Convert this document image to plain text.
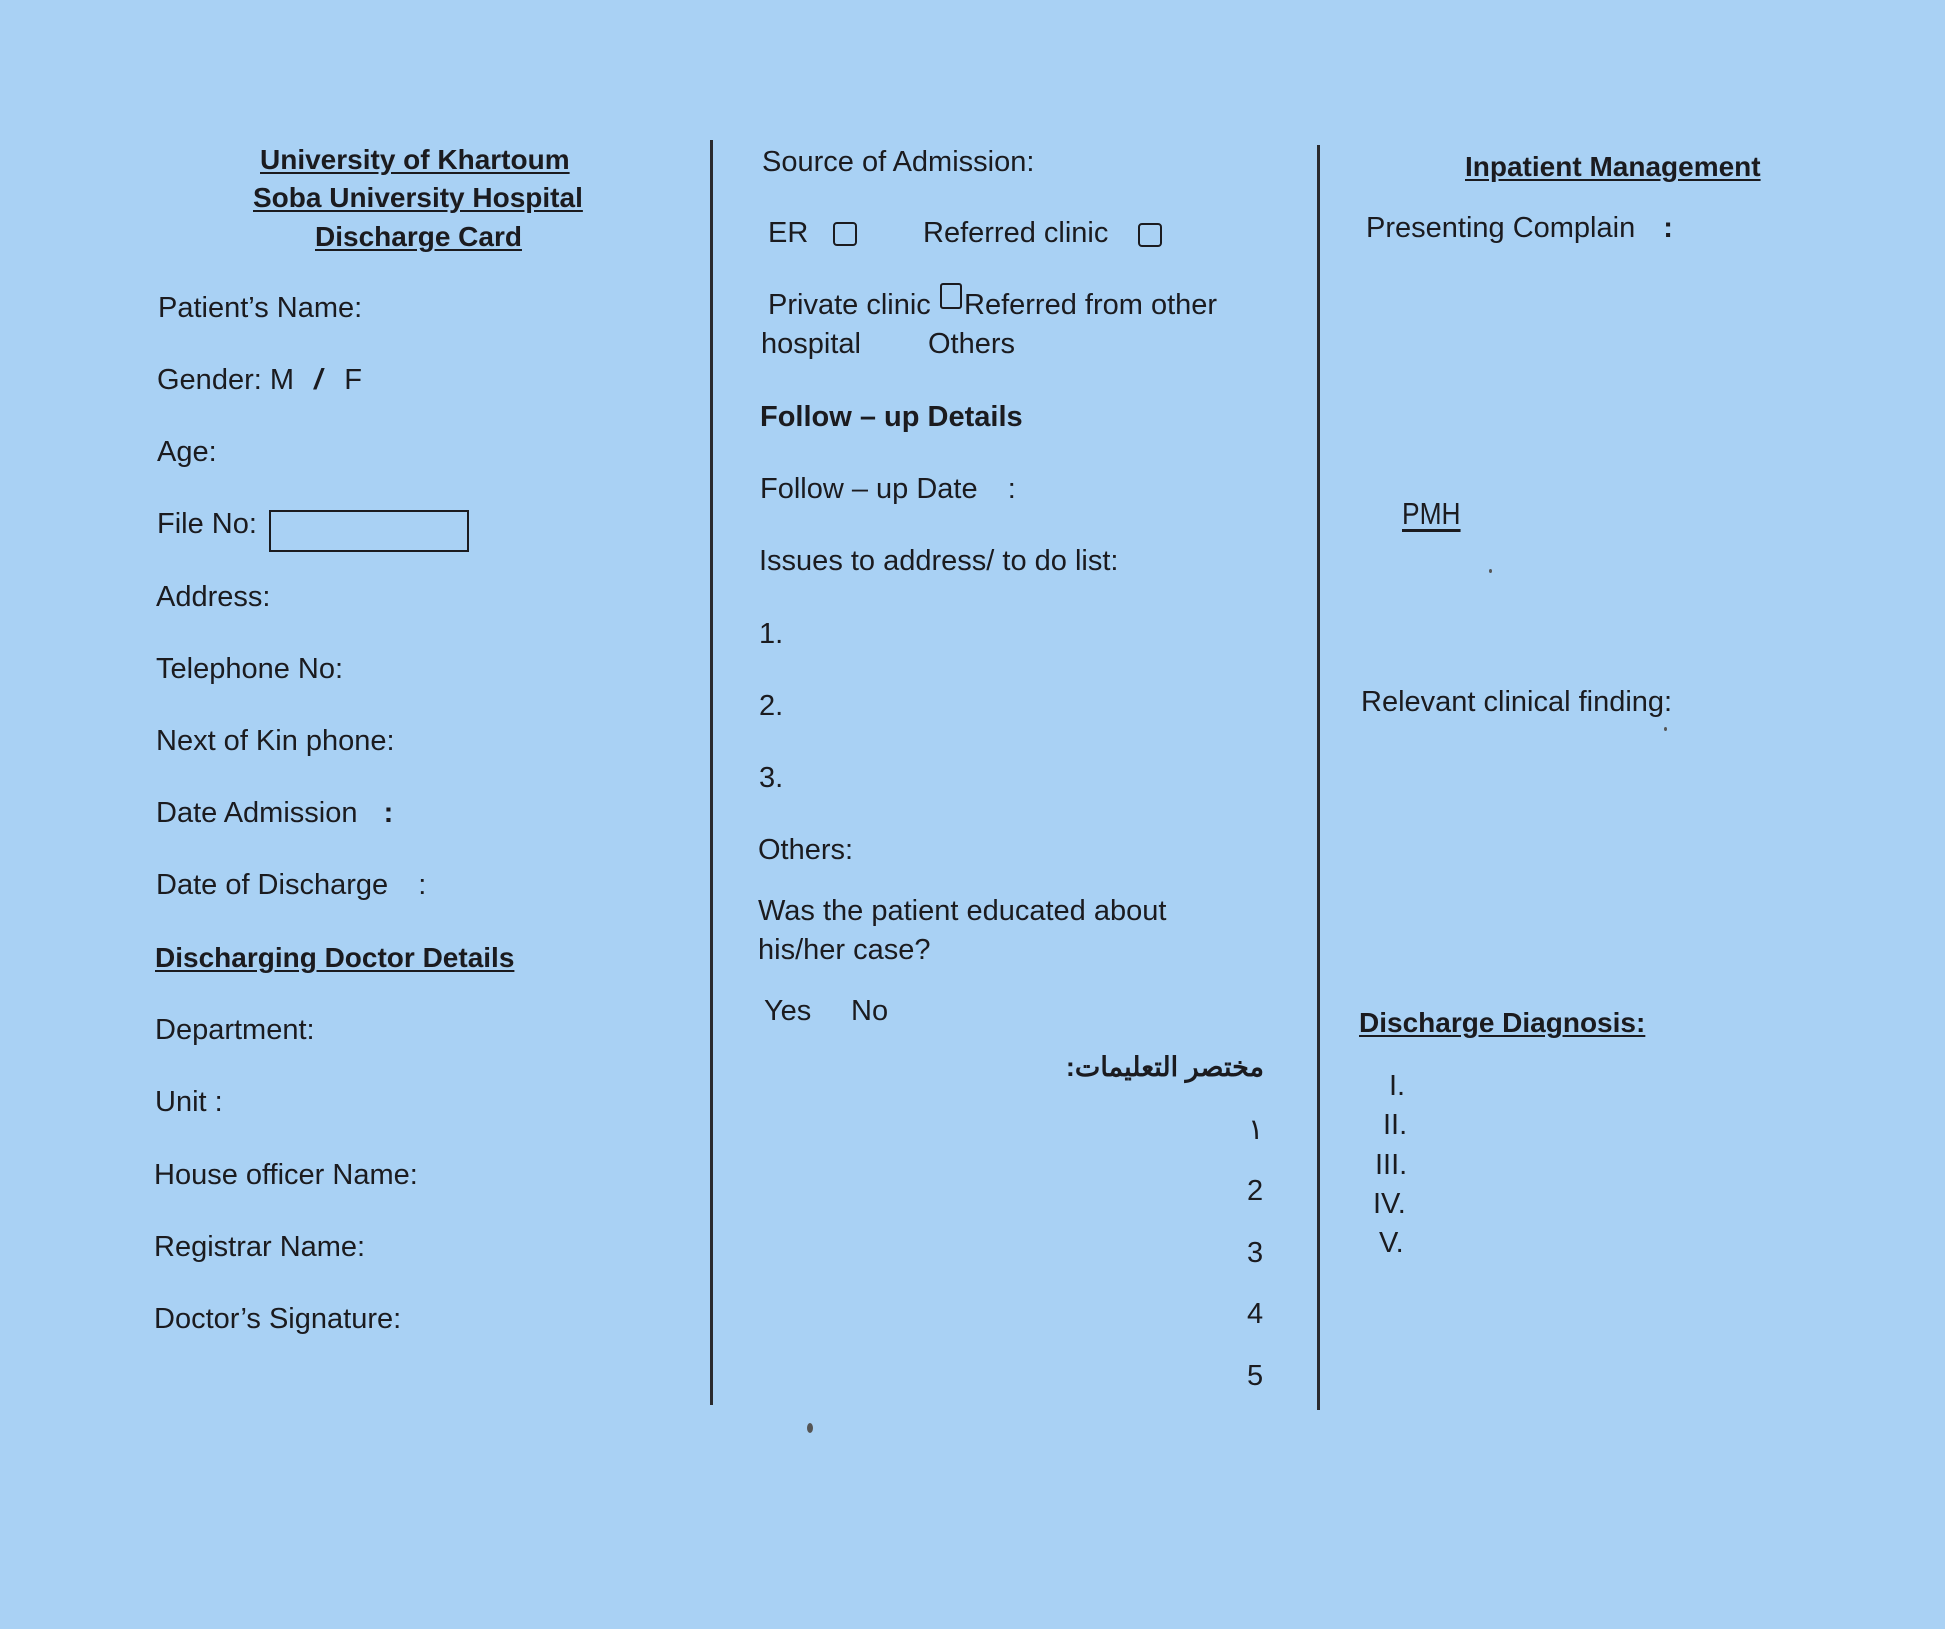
University of Khartoum
Soba University Hospital
Discharge Card
Patient’s Name:
Gender: M / F
Age:
File No:
Address:
Telephone No:
Next of Kin phone:
Date Admission :
Date of Discharge :
Discharging Doctor Details
Department:
Unit :
House officer Name:
Registrar Name:
Doctor’s Signature:
Source of Admission:
ER	Referred clinic
Private clinic Referred from other
hospital Others
Follow – up Details
Follow – up Date :
Issues to address/ to do list:
1.
2.
3.
Others:
Was the patient educated about
his/her case?
Yes No
مختصر التعليمات:
١
2
3
4
5
Inpatient Management
Presenting Complain :
PMH
Relevant clinical finding:
Discharge Diagnosis:
I.
II.
III.
IV.
V.
